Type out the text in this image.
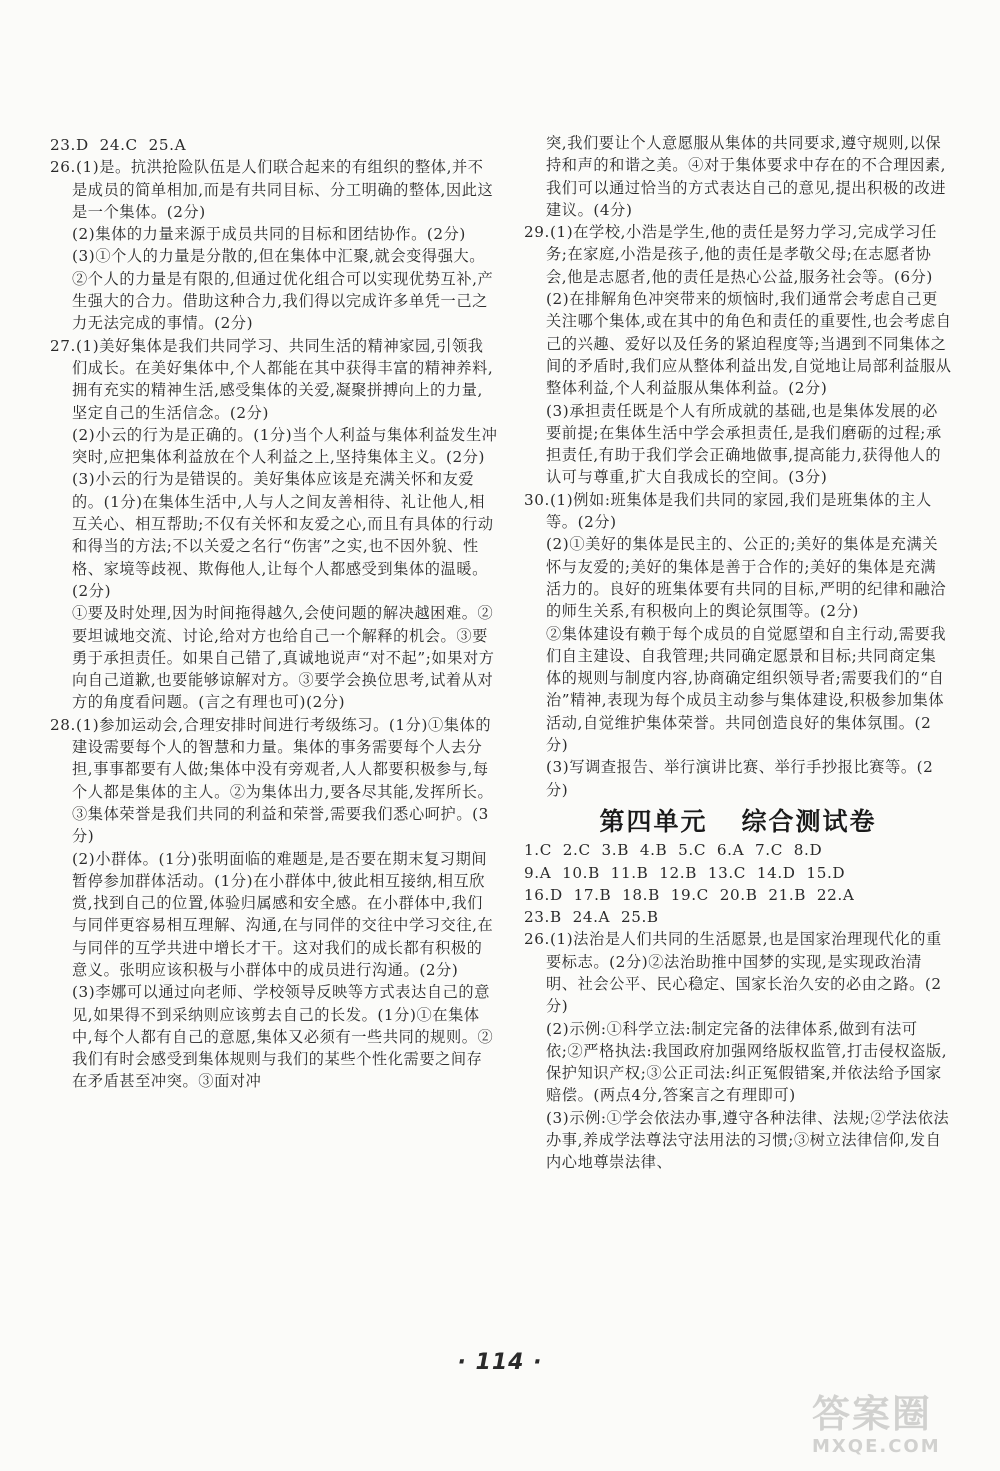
23.D  24.C  25.A

26.(1)是。抗洪抢险队伍是人们联合起来的有组织的整体,并不是成员的简单相加,而是有共同目标、分工明确的整体,因此这是一个集体。(2分)

(2)集体的力量来源于成员共同的目标和团结协作。(2分)

(3)①个人的力量是分散的,但在集体中汇聚,就会变得强大。②个人的力量是有限的,但通过优化组合可以实现优势互补,产生强大的合力。借助这种合力,我们得以完成许多单凭一己之力无法完成的事情。(2分)

27.(1)美好集体是我们共同学习、共同生活的精神家园,引领我们成长。在美好集体中,个人都能在其中获得丰富的精神养料,拥有充实的精神生活,感受集体的关爱,凝聚拼搏向上的力量,坚定自己的生活信念。(2分)

(2)小云的行为是正确的。(1分)当个人利益与集体利益发生冲突时,应把集体利益放在个人利益之上,坚持集体主义。(2分)

(3)小云的行为是错误的。美好集体应该是充满关怀和友爱的。(1分)在集体生活中,人与人之间友善相待、礼让他人,相互关心、相互帮助;不仅有关怀和友爱之心,而且有具体的行动和得当的方法;不以关爱之名行“伤害”之实,也不因外貌、性格、家境等歧视、欺侮他人,让每个人都感受到集体的温暖。(2分)

①要及时处理,因为时间拖得越久,会使问题的解决越困难。②要坦诚地交流、讨论,给对方也给自己一个解释的机会。③要勇于承担责任。如果自己错了,真诚地说声“对不起”;如果对方向自己道歉,也要能够谅解对方。③要学会换位思考,试着从对方的角度看问题。(言之有理也可)(2分)

28.(1)参加运动会,合理安排时间进行考级练习。(1分)①集体的建设需要每个人的智慧和力量。集体的事务需要每个人去分担,事事都要有人做;集体中没有旁观者,人人都要积极参与,每个人都是集体的主人。②为集体出力,要各尽其能,发挥所长。③集体荣誉是我们共同的利益和荣誉,需要我们悉心呵护。(3分)

(2)小群体。(1分)张明面临的难题是,是否要在期末复习期间暂停参加群体活动。(1分)在小群体中,彼此相互接纳,相互欣赏,找到自己的位置,体验归属感和安全感。在小群体中,我们与同伴更容易相互理解、沟通,在与同伴的交往中学习交往,在与同伴的互学共进中增长才干。这对我们的成长都有积极的意义。张明应该积极与小群体中的成员进行沟通。(2分)

(3)李娜可以通过向老师、学校领导反映等方式表达自己的意见,如果得不到采纳则应该剪去自己的长发。(1分)①在集体中,每个人都有自己的意愿,集体又必须有一些共同的规则。②我们有时会感受到集体规则与我们的某些个性化需要之间存在矛盾甚至冲突。③面对冲

突,我们要让个人意愿服从集体的共同要求,遵守规则,以保持和声的和谐之美。④对于集体要求中存在的不合理因素,我们可以通过恰当的方式表达自己的意见,提出积极的改进建议。(4分)

29.(1)在学校,小浩是学生,他的责任是努力学习,完成学习任务;在家庭,小浩是孩子,他的责任是孝敬父母;在志愿者协会,他是志愿者,他的责任是热心公益,服务社会等。(6分)

(2)在排解角色冲突带来的烦恼时,我们通常会考虑自己更关注哪个集体,或在其中的角色和责任的重要性,也会考虑自己的兴趣、爱好以及任务的紧迫程度等;当遇到不同集体之间的矛盾时,我们应从整体利益出发,自觉地让局部利益服从整体利益,个人利益服从集体利益。(2分)

(3)承担责任既是个人有所成就的基础,也是集体发展的必要前提;在集体生活中学会承担责任,是我们磨砺的过程;承担责任,有助于我们学会正确地做事,提高能力,获得他人的认可与尊重,扩大自我成长的空间。(3分)

30.(1)例如:班集体是我们共同的家园,我们是班集体的主人等。(2分)

(2)①美好的集体是民主的、公正的;美好的集体是充满关怀与友爱的;美好的集体是善于合作的;美好的集体是充满活力的。良好的班集体要有共同的目标,严明的纪律和融洽的师生关系,有积极向上的舆论氛围等。(2分)

②集体建设有赖于每个成员的自觉愿望和自主行动,需要我们自主建设、自我管理;共同确定愿景和目标;共同商定集体的规则与制度内容,协商确定组织领导者;需要我们的“自治”精神,表现为每个成员主动参与集体建设,积极参加集体活动,自觉维护集体荣誉。共同创造良好的集体氛围。(2分)

(3)写调查报告、举行演讲比赛、举行手抄报比赛等。(2分)

第四单元 综合测试卷
1.C  2.C  3.B  4.B  5.C  6.A  7.C  8.D
9.A  10.B  11.B  12.B  13.C  14.D  15.D
16.D  17.B  18.B  19.C  20.B  21.B  22.A
23.B  24.A  25.B

26.(1)法治是人们共同的生活愿景,也是国家治理现代化的重要标志。(2分)②法治助推中国梦的实现,是实现政治清明、社会公平、民心稳定、国家长治久安的必由之路。(2分)

(2)示例:①科学立法:制定完备的法律体系,做到有法可依;②严格执法:我国政府加强网络版权监管,打击侵权盗版,保护知识产权;③公正司法:纠正冤假错案,并依法给予国家赔偿。(两点4分,答案言之有理即可)

(3)示例:①学会依法办事,遵守各种法律、法规;②学法依法办事,养成学法尊法守法用法的习惯;③树立法律信仰,发自内心地尊崇法律、

· 114 ·
答案圈
MXQE.COM
